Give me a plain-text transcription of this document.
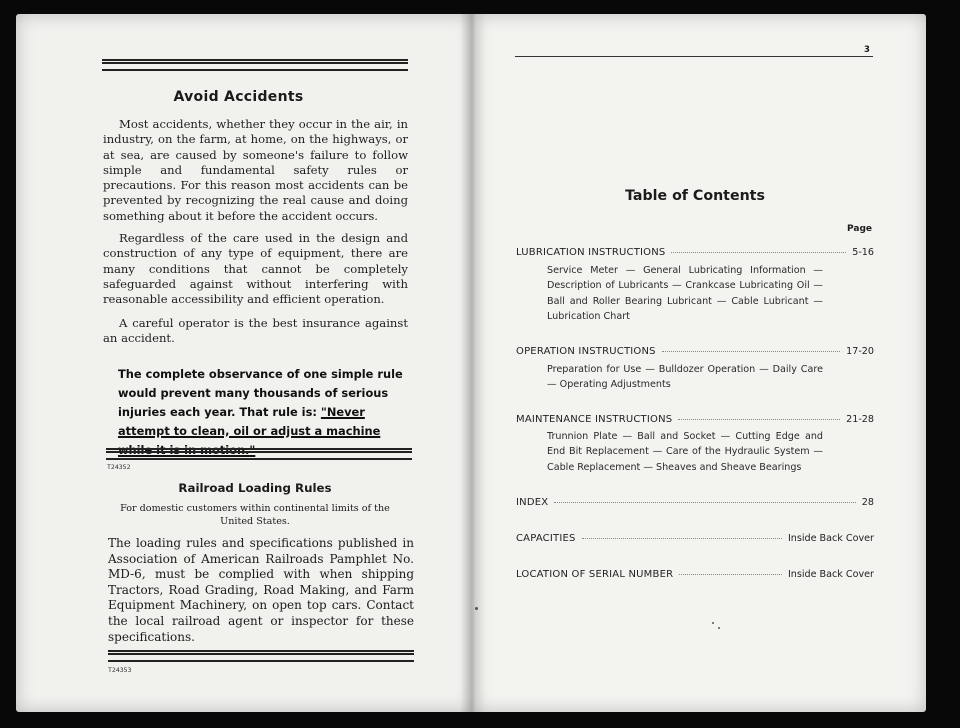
Avoid Accidents

Most accidents, whether they occur in the air, in industry, on the farm, at home, on the highways, or at sea, are caused by someone's failure to follow simple and fundamental safety rules or precautions. For this reason most accidents can be prevented by recognizing the real cause and doing something about it before the accident occurs.

Regardless of the care used in the design and construction of any type of equipment, there are many conditions that cannot be completely safeguarded against without interfering with reasonable accessibility and efficient operation.

A careful operator is the best insurance against an accident.

The complete observance of one simple rule would prevent many thousands of serious injuries each year. That rule is: "Never attempt to clean, oil or adjust a machine while it is in motion."

T24352
Railroad Loading Rules

For domestic customers within continental limits of the United States.

The loading rules and specifications published in Association of American Railroads Pamphlet No. MD-6, must be complied with when shipping Tractors, Road Grading, Road Making, and Farm Equipment Machinery, on open top cars. Contact the local railroad agent or inspector for these specifications.

T24353
3
Table of Contents
Page
LUBRICATION INSTRUCTIONS	5-16

Service Meter — General Lubricating Information — Description of Lubricants — Crankcase Lubricating Oil — Ball and Roller Bearing Lubricant — Cable Lubricant — Lubrication Chart

OPERATION INSTRUCTIONS	17-20

Preparation for Use — Bulldozer Operation — Daily Care — Operating Adjustments

MAINTENANCE INSTRUCTIONS	21-28

Trunnion Plate — Ball and Socket — Cutting Edge and End Bit Replacement — Care of the Hydraulic System — Cable Replacement — Sheaves and Sheave Bearings

INDEX	28
CAPACITIES	Inside Back Cover
LOCATION OF SERIAL NUMBER	Inside Back Cover
